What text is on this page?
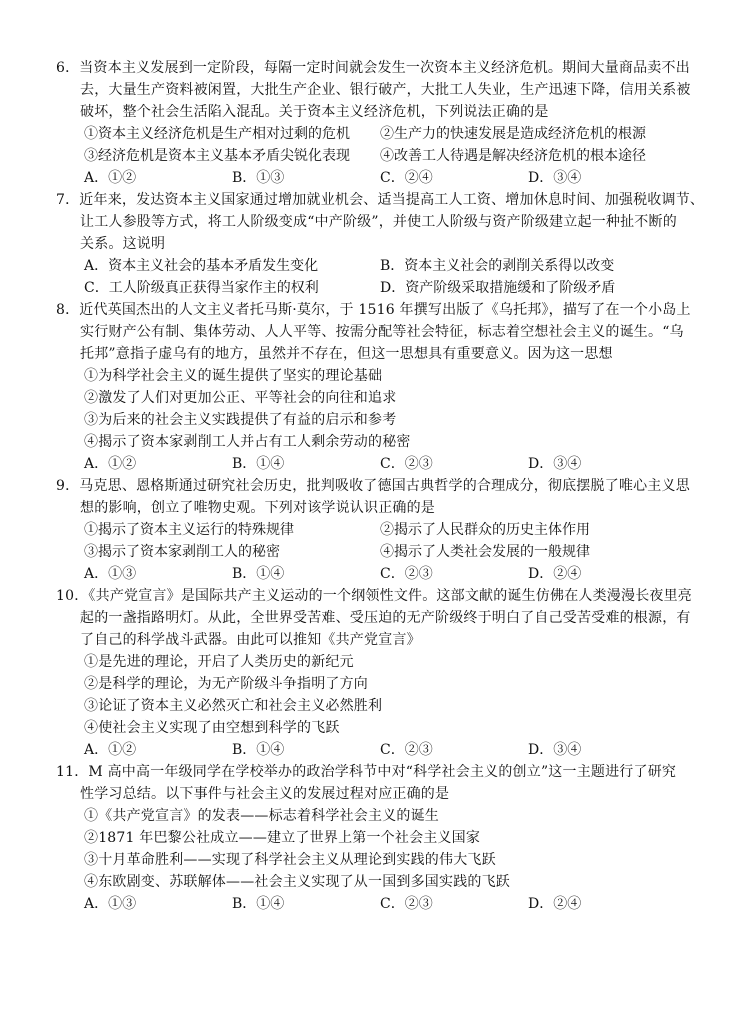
6．当资本主义发展到一定阶段，每隔一定时间就会发生一次资本主义经济危机。期间大量商品卖不出
去，大量生产资料被闲置，大批生产企业、银行破产，大批工人失业，生产迅速下降，信用关系被
破坏，整个社会生活陷入混乱。关于资本主义经济危机，下列说法正确的是
①资本主义经济危机是生产相对过剩的危机	②生产力的快速发展是造成经济危机的根源
③经济危机是资本主义基本矛盾尖锐化表现	④改善工人待遇是解决经济危机的根本途径
A．①②	B．①③	C．②④	D．③④
7．近年来，发达资本主义国家通过增加就业机会、适当提高工人工资、增加休息时间、加强税收调节、
让工人参股等方式，将工人阶级变成“中产阶级”，并使工人阶级与资产阶级建立起一种扯不断的
关系。这说明
A．资本主义社会的基本矛盾发生变化	B．资本主义社会的剥削关系得以改变
C．工人阶级真正获得当家作主的权利	D．资产阶级采取措施缓和了阶级矛盾
8．近代英国杰出的人文主义者托马斯·莫尔，于 1516 年撰写出版了《乌托邦》，描写了在一个小岛上
实行财产公有制、集体劳动、人人平等、按需分配等社会特征，标志着空想社会主义的诞生。“乌
托邦”意指子虚乌有的地方，虽然并不存在，但这一思想具有重要意义。因为这一思想
①为科学社会主义的诞生提供了坚实的理论基础
②激发了人们对更加公正、平等社会的向往和追求
③为后来的社会主义实践提供了有益的启示和参考
④揭示了资本家剥削工人并占有工人剩余劳动的秘密
A．①②	B．①④	C．②③	D．③④
9．马克思、恩格斯通过研究社会历史，批判吸收了德国古典哲学的合理成分，彻底摆脱了唯心主义思
想的影响，创立了唯物史观。下列对该学说认识正确的是
①揭示了资本主义运行的特殊规律	②揭示了人民群众的历史主体作用
③揭示了资本家剥削工人的秘密	④揭示了人类社会发展的一般规律
A．①③	B．①④	C．②③	D．②④
10．《共产党宣言》是国际共产主义运动的一个纲领性文件。这部文献的诞生仿佛在人类漫漫长夜里亮
起的一盏指路明灯。从此，全世界受苦难、受压迫的无产阶级终于明白了自己受苦受难的根源，有
了自己的科学战斗武器。由此可以推知《共产党宣言》
①是先进的理论，开启了人类历史的新纪元
②是科学的理论，为无产阶级斗争指明了方向
③论证了资本主义必然灭亡和社会主义必然胜利
④使社会主义实现了由空想到科学的飞跃
A．①②	B．①④	C．②③	D．③④
11．M 高中高一年级同学在学校举办的政治学科节中对“科学社会主义的创立”这一主题进行了研究
性学习总结。以下事件与社会主义的发展过程对应正确的是
①《共产党宣言》的发表——标志着科学社会主义的诞生
②1871 年巴黎公社成立——建立了世界上第一个社会主义国家
③十月革命胜利——实现了科学社会主义从理论到实践的伟大飞跃
④东欧剧变、苏联解体——社会主义实现了从一国到多国实践的飞跃
A．①③	B．①④	C．②③	D．②④
